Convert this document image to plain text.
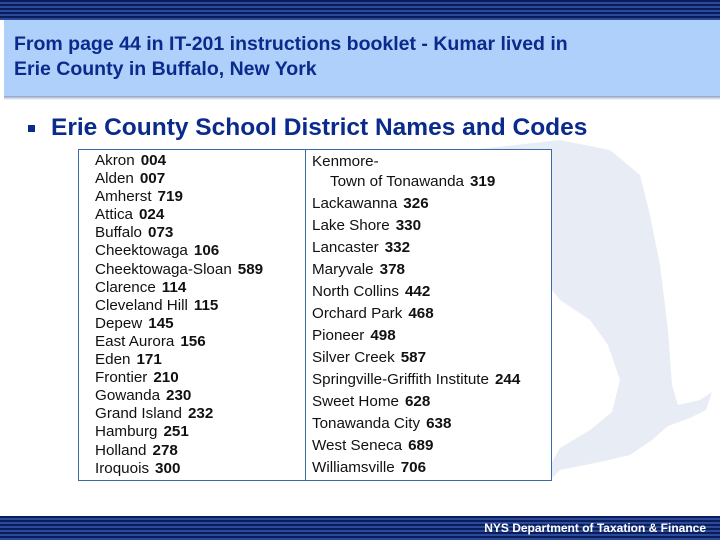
From page 44 in IT-201 instructions booklet - Kumar lived in
Erie County in Buffalo, New York
Erie County School District Names and Codes
Akron 004
Alden 007
Amherst 719
Attica 024
Buffalo 073
Cheektowaga 106
Cheektowaga-Sloan 589
Clarence 114
Cleveland Hill 115
Depew 145
East Aurora 156
Eden 171
Frontier 210
Gowanda 230
Grand Island 232
Hamburg 251
Holland 278
Iroquois 300
Kenmore-
Town of Tonawanda 319
Lackawanna 326
Lake Shore 330
Lancaster 332
Maryvale 378
North Collins 442
Orchard Park 468
Pioneer 498
Silver Creek 587
Springville-Griffith Institute 244
Sweet Home 628
Tonawanda City 638
West Seneca 689
Williamsville 706
NYS Department of Taxation & Finance
